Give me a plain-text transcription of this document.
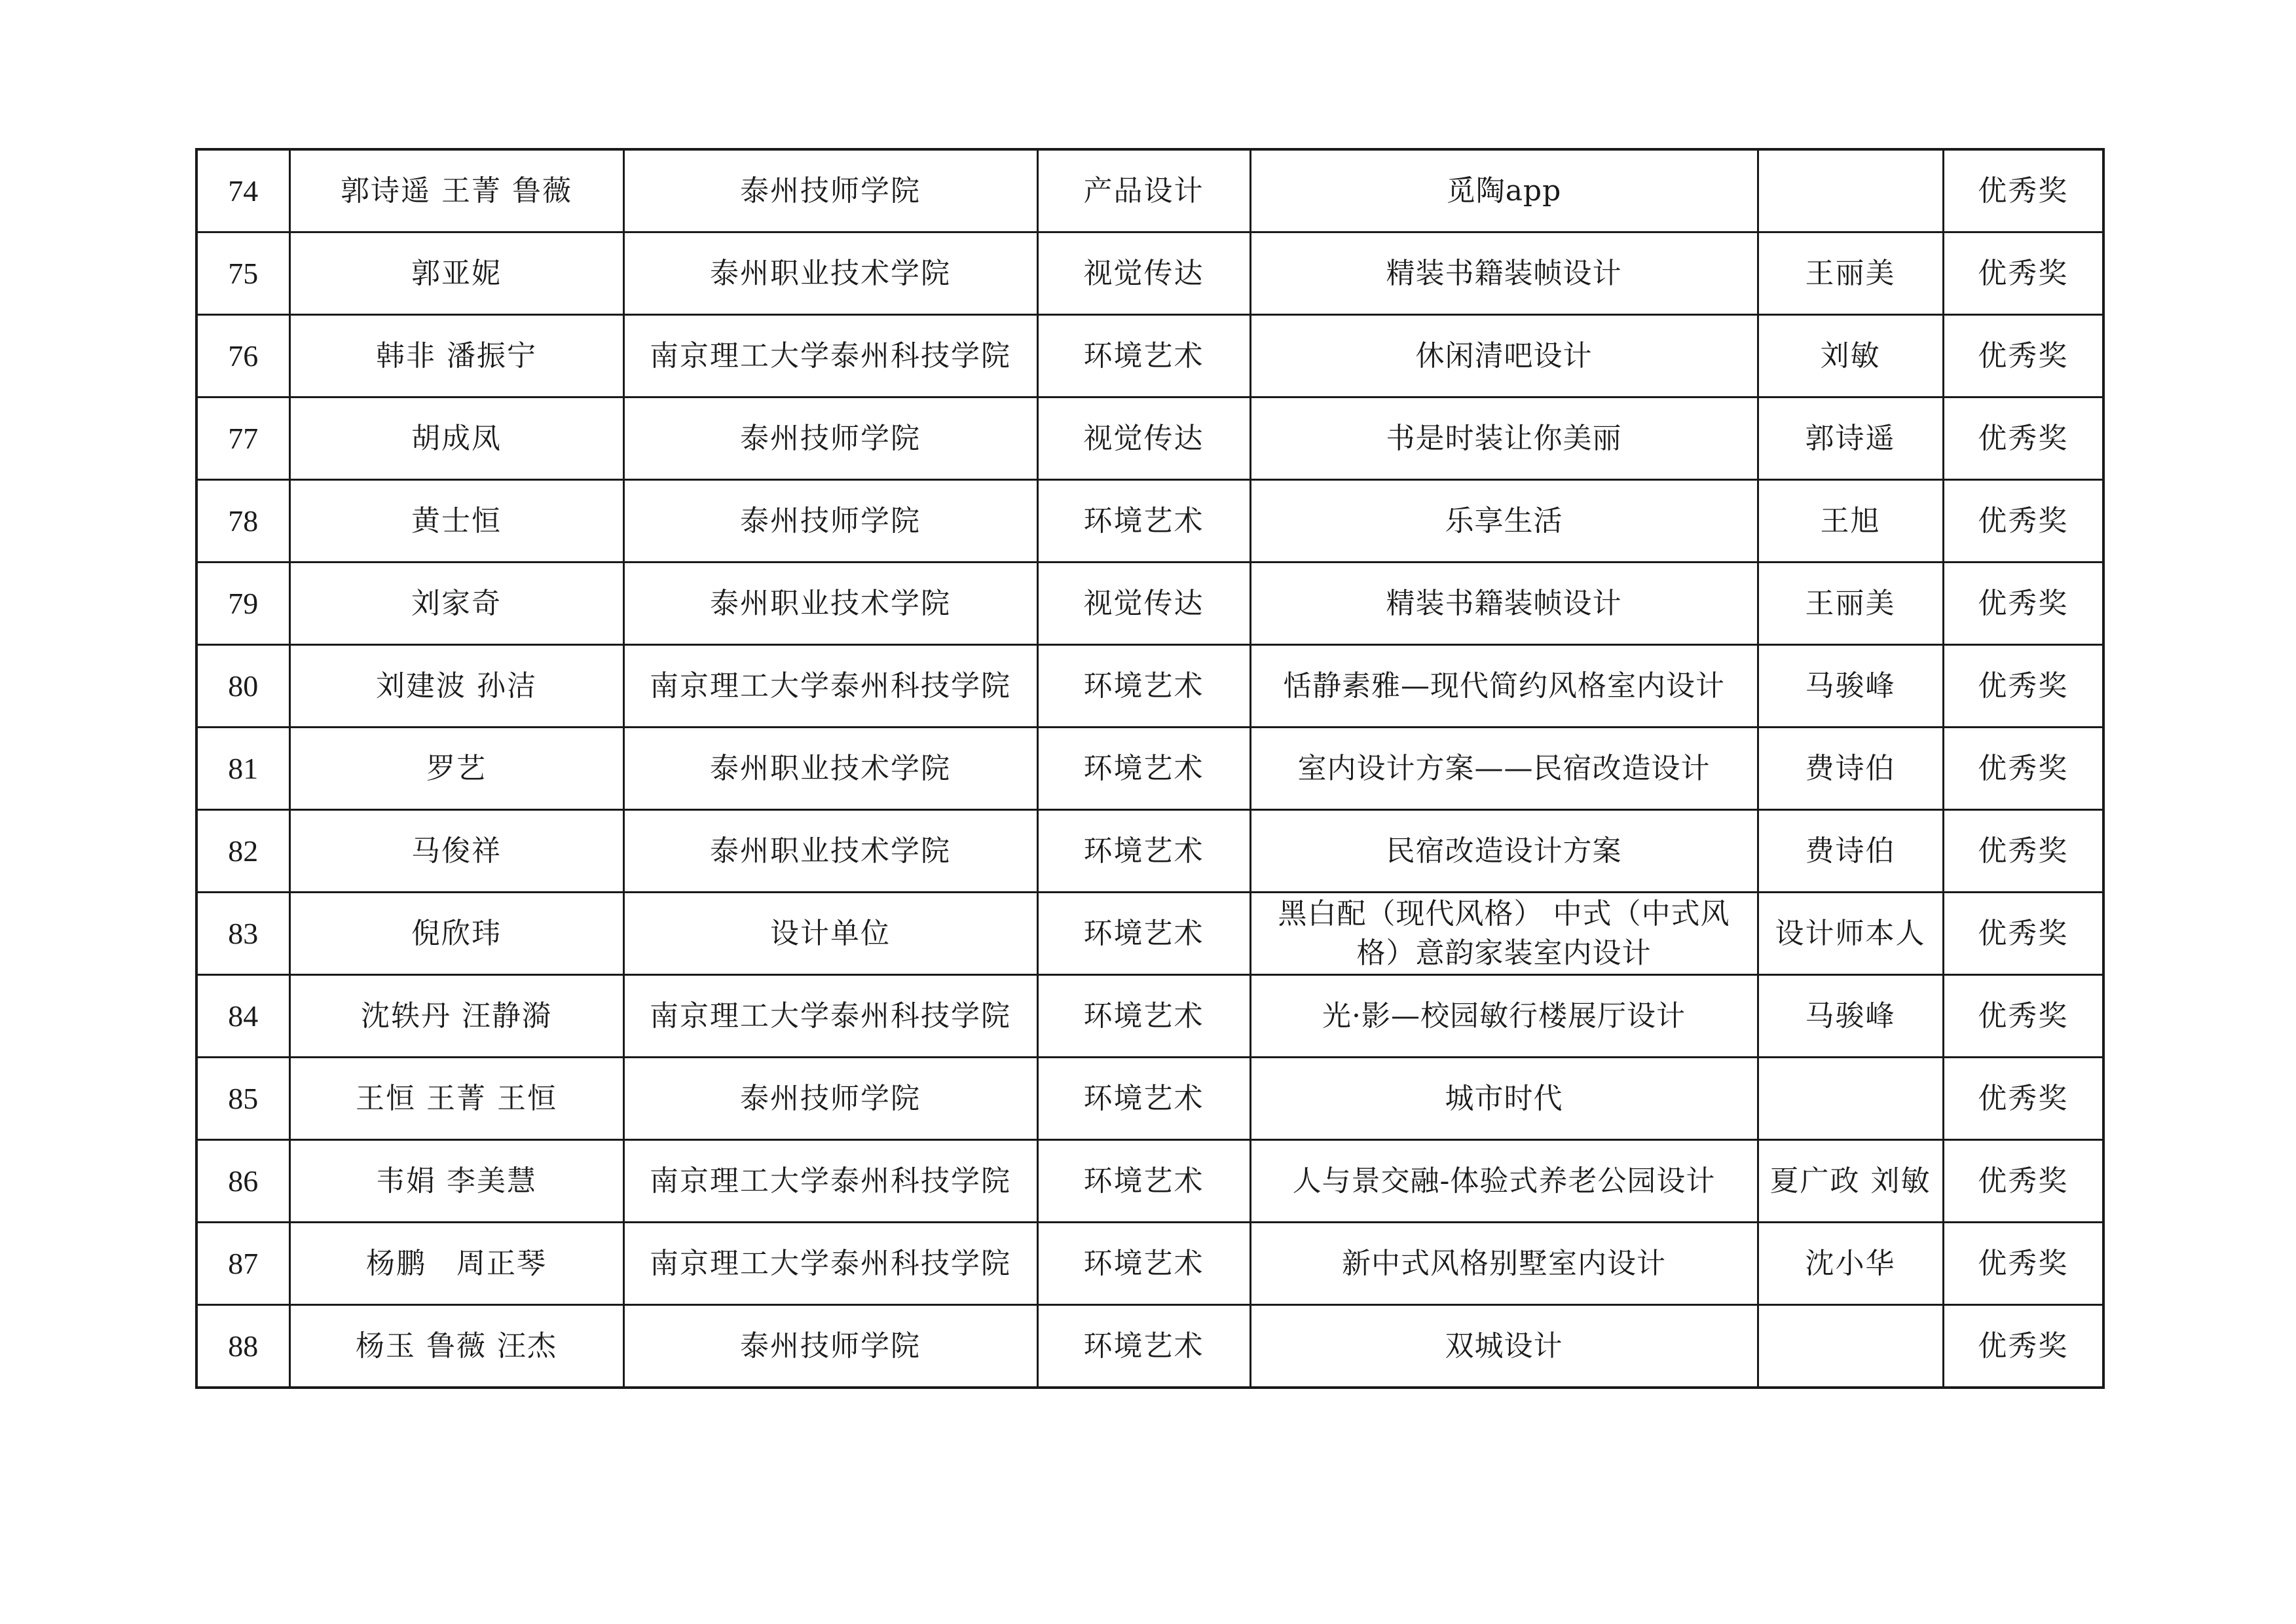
74	郭诗遥 王菁 鲁薇	泰州技师学院	产品设计	觅陶app		优秀奖
75	郭亚妮	泰州职业技术学院	视觉传达	精装书籍装帧设计	王丽美	优秀奖
76	韩非 潘振宁	南京理工大学泰州科技学院	环境艺术	休闲清吧设计	刘敏	优秀奖
77	胡成凤	泰州技师学院	视觉传达	书是时装让你美丽	郭诗遥	优秀奖
78	黄士恒	泰州技师学院	环境艺术	乐享生活	王旭	优秀奖
79	刘家奇	泰州职业技术学院	视觉传达	精装书籍装帧设计	王丽美	优秀奖
80	刘建波 孙洁	南京理工大学泰州科技学院	环境艺术	恬静素雅—现代简约风格室内设计	马骏峰	优秀奖
81	罗艺	泰州职业技术学院	环境艺术	室内设计方案——民宿改造设计	费诗伯	优秀奖
82	马俊祥	泰州职业技术学院	环境艺术	民宿改造设计方案	费诗伯	优秀奖
83	倪欣玮	设计单位	环境艺术	黑白配（现代风格） 中式（中式风格）意韵家装室内设计	设计师本人	优秀奖
84	沈轶丹 汪静漪	南京理工大学泰州科技学院	环境艺术	光·影—校园敏行楼展厅设计	马骏峰	优秀奖
85	王恒 王菁 王恒	泰州技师学院	环境艺术	城市时代		优秀奖
86	韦娟 李美慧	南京理工大学泰州科技学院	环境艺术	人与景交融-体验式养老公园设计	夏广政 刘敏	优秀奖
87	杨鹏　周正琴	南京理工大学泰州科技学院	环境艺术	新中式风格别墅室内设计	沈小华	优秀奖
88	杨玉 鲁薇 汪杰	泰州技师学院	环境艺术	双城设计		优秀奖
